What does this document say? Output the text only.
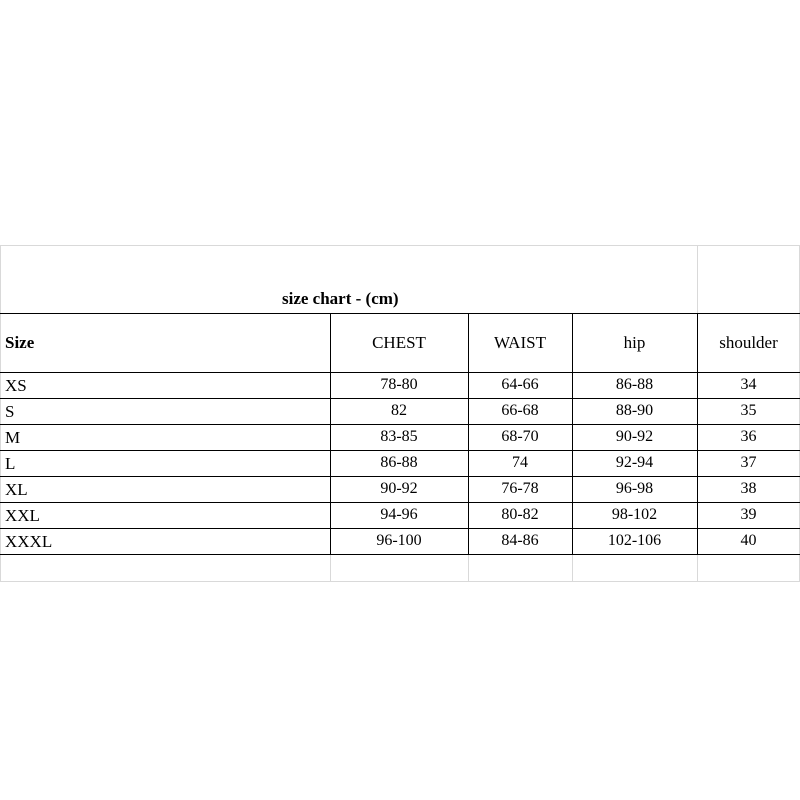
size chart - (cm)
Size	CHEST	WAIST	hip	shoulder
XS	78-80	64-66	86-88	34
S	82	66-68	88-90	35
M	83-85	68-70	90-92	36
L	86-88	74	92-94	37
XL	90-92	76-78	96-98	38
XXL	94-96	80-82	98-102	39
XXXL	96-100	84-86	102-106	40
